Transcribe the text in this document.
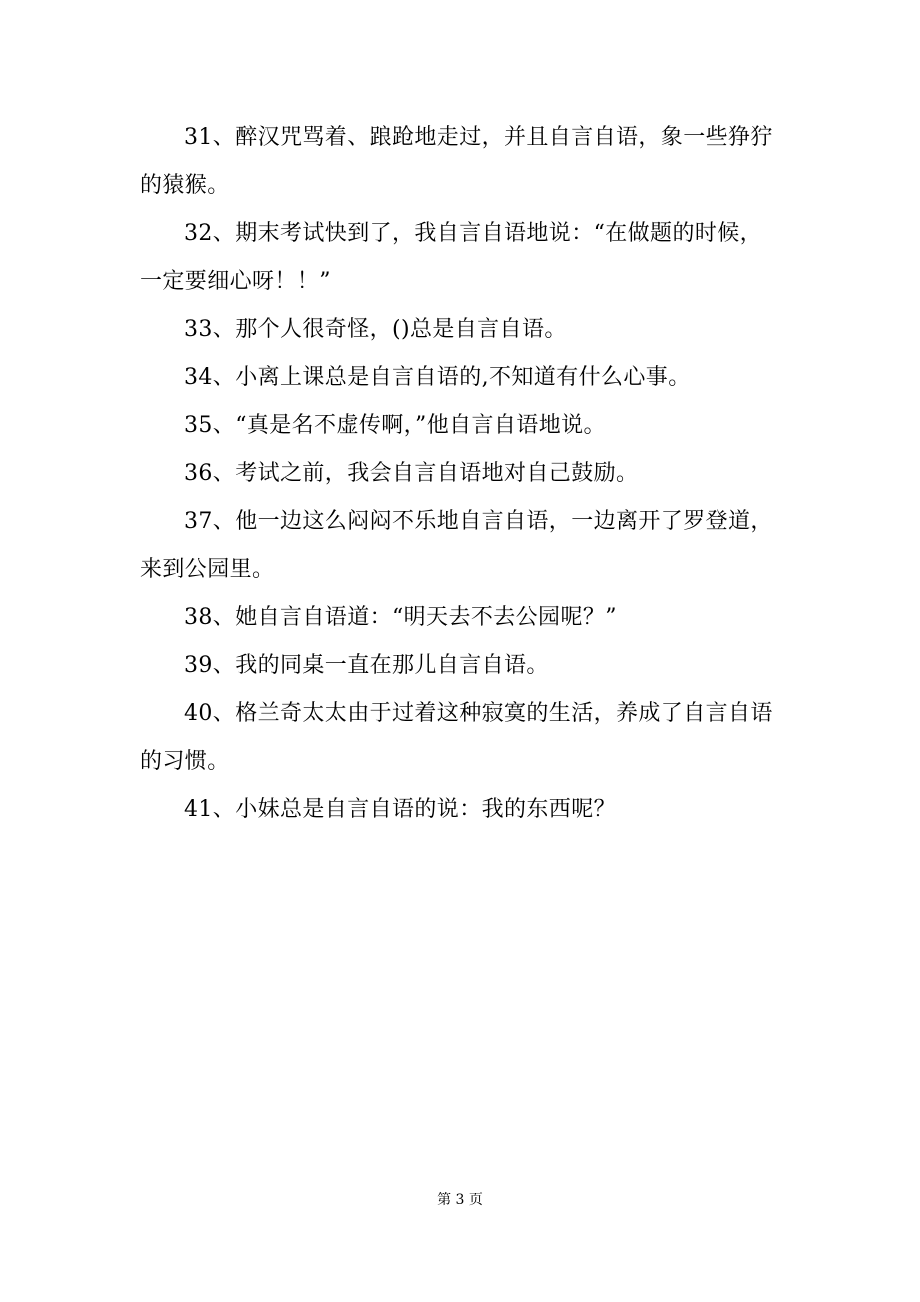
31、醉汉咒骂着、踉跄地走过，并且自言自语，象一些狰狞的猿猴。

32、期末考试快到了，我自言自语地说：“在做题的时候，一定要细心呀！！”

33、那个人很奇怪，()总是自言自语。

34、小离上课总是自言自语的,不知道有什么心事。

35、“真是名不虚传啊，”他自言自语地说。

36、考试之前，我会自言自语地对自己鼓励。

37、他一边这么闷闷不乐地自言自语，一边离开了罗登道，来到公园里。

38、她自言自语道：“明天去不去公园呢？”

39、我的同桌一直在那儿自言自语。

40、格兰奇太太由于过着这种寂寞的生活，养成了自言自语的习惯。

41、小妹总是自言自语的说：我的东西呢？

第 3 页
